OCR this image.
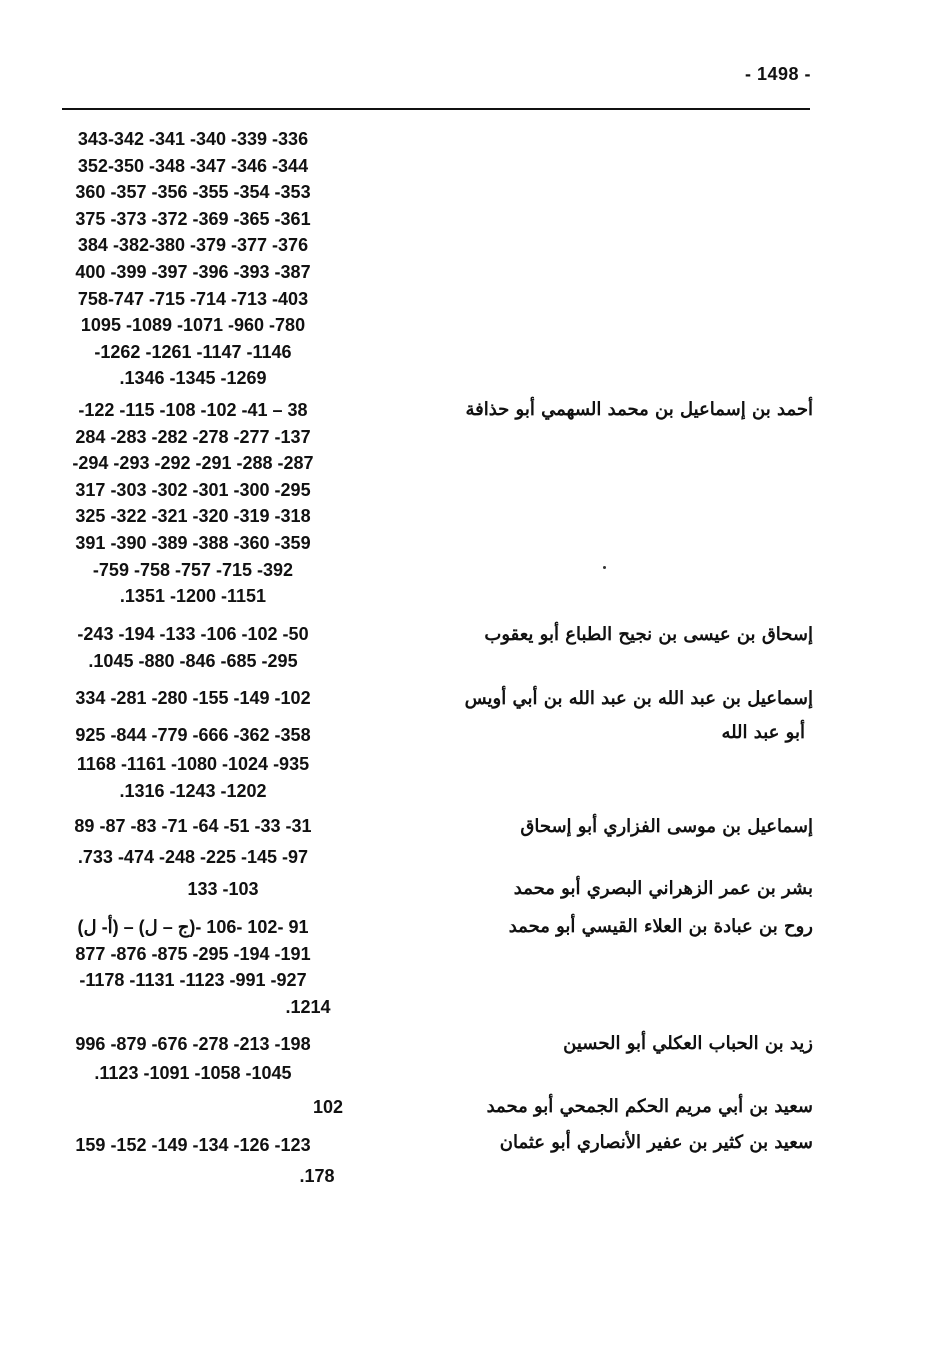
- 1498 -
343-342 -341 -340 -339 -336
352-350 -348 -347 -346 -344
360 -357 -356 -355 -354 -353
375 -373 -372 -369 -365 -361
384 -382-380 -379 -377 -376
400 -399 -397 -396 -393 -387
758-747 -715 -714 -713 -403
1095 -1089 -1071 -960 -780
-1262 -1261 -1147 -1146
.1346 -1345 -1269
أحمد بن إسماعيل بن محمد السهمي أبو حذافة
-122 -115 -108 -102 -41 – 38
284 -283 -282 -278 -277 -137
-294 -293 -292 -291 -288 -287
317 -303 -302 -301 -300 -295
325 -322 -321 -320 -319 -318
391 -390 -389 -388 -360 -359
-759 -758 -757 -715 -392
.1351 -1200 -1151
إسحاق بن عيسى بن نجيح الطباع أبو يعقوب
-243 -194 -133 -106 -102 -50
.1045 -880 -846 -685 -295
إسماعيل بن عبد الله بن عبد الله بن أبي أويس
أبو عبد الله
334 -281 -280 -155 -149 -102
925 -844 -779 -666 -362 -358
1168 -1161 -1080 -1024 -935
.1316 -1243 -1202
إسماعيل بن موسى الفزاري أبو إسحاق
89 -87 -83 -71 -64 -51 -33 -31
.733 -474 -248 -225 -145 -97
بشر بن عمر الزهراني البصري أبو محمد
133 -103
روح بن عبادة بن العلاء القيسي أبو محمد
(أ- ل) – (ج – ل)- 91 -102 -106
877 -876 -875 -295 -194 -191
-1178 -1131 -1123 -991 -927
.1214
زيد بن الحباب العكلي أبو الحسين
996 -879 -676 -278 -213 -198
.1123 -1091 -1058 -1045
سعيد بن أبي مريم الحكم الجمحي أبو محمد
102
سعيد بن كثير بن عفير الأنصاري أبو عثمان
159 -152 -149 -134 -126 -123
.178
